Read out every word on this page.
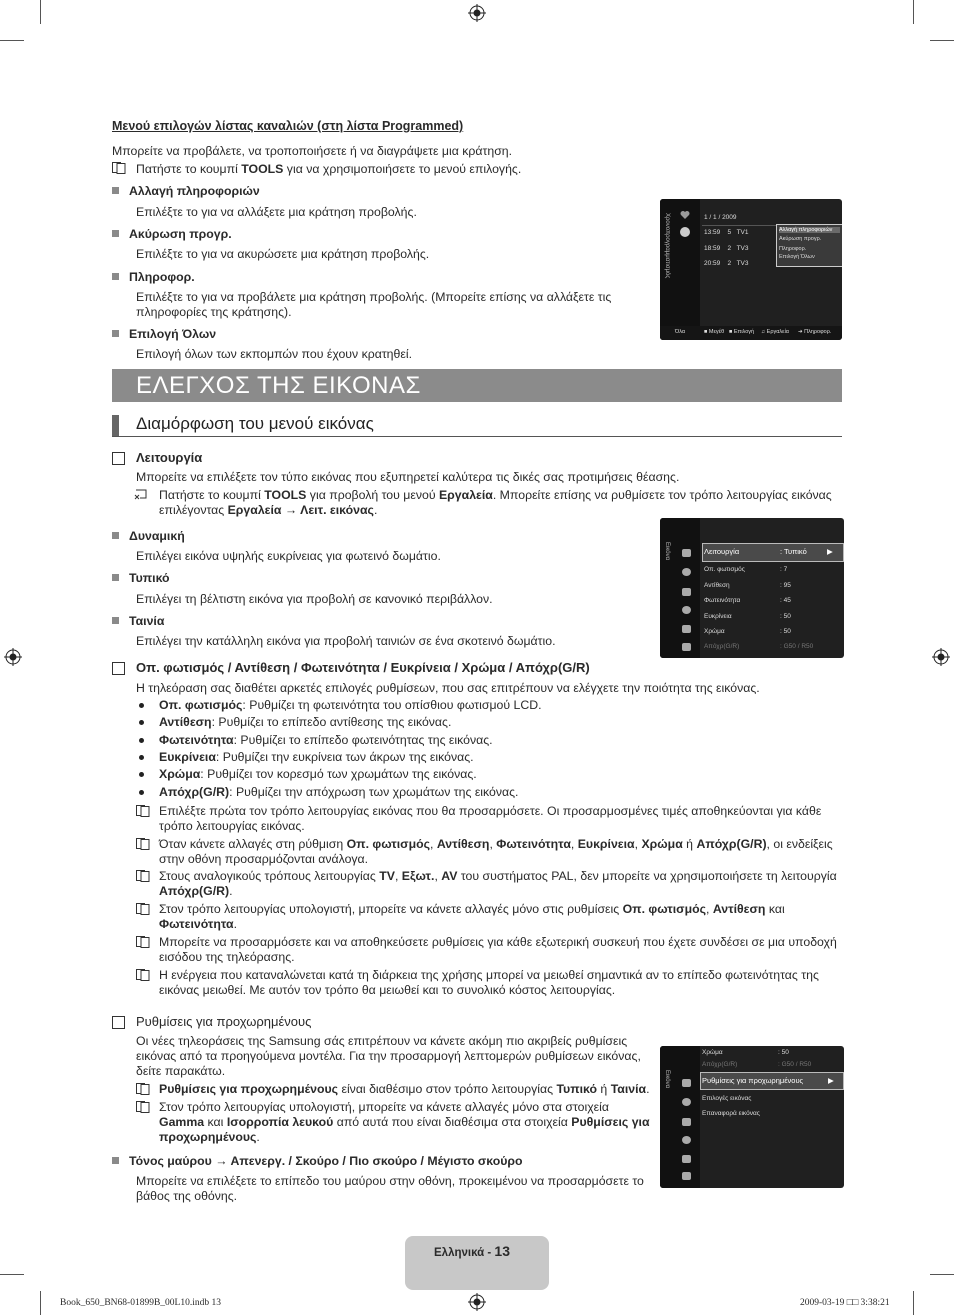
Μενού επιλογών λίστας καναλιών (στη λίστα Programmed)
Μπορείτε να προβάλετε, να τροποποιήσετε ή να διαγράψετε μια κράτηση.
Πατήστε το κουμπί TOOLS για να χρησιμοποιήσετε το μενού επιλογής.
Αλλαγή πληροφοριών
Επιλέξτε το για να αλλάξετε μια κράτηση προβολής.
Ακύρωση προγρ.
Επιλέξτε το για να ακυρώσετε μια κράτηση προβολής.
Πληροφορ.
Επιλέξτε το για να προβάλετε μια κράτηση προβολής. (Μπορείτε επίσης να αλλάξετε τις
πληροφορίες της κράτησης).
Επιλογή Όλων
Επιλογή όλων των εκπομπών που έχουν κρατηθεί.
Χρονοπρογραμματισμός	1 / 1 / 2009
13:59 5 TV1
18:59 2 TV3
20:59 2 TV3
Αλλαγή πληροφοριών
Ακύρωση προγρ.
Πληροφορ.
Επιλογή Όλων
Όλα	■ Μεγέθ ■ Επιλογή ♫ Εργαλεία ➜ Πληροφορ.
ΕΛΕΓΧΟΣ ΤΗΣ ΕΙΚΟΝΑΣ
Διαμόρφωση του μενού εικόνας
Λειτουργία
Μπορείτε να επιλέξετε τον τύπο εικόνας που εξυπηρετεί καλύτερα τις δικές σας προτιμήσεις θέασης.
Πατήστε το κουμπί TOOLS για προβολή του μενού Εργαλεία. Μπορείτε επίσης να ρυθμίσετε τον τρόπο λειτουργίας εικόνας
επιλέγοντας Εργαλεία → Λειτ. εικόνας.
Δυναμική
Επιλέγει εικόνα υψηλής ευκρίνειας για φωτεινό δωμάτιο.
Τυπικό
Επιλέγει τη βέλτιστη εικόνα για προβολή σε κανονικό περιβάλλον.
Ταινία
Επιλέγει την κατάλληλη εικόνα για προβολή ταινιών σε ένα σκοτεινό δωμάτιο.
Εικόνα	Λειτουργία	: Τυπικό	▶
Οπ. φωτισμός	: 7
Αντίθεση	: 95
Φωτεινότητα	: 45
Ευκρίνεια	: 50
Χρώμα	: 50
Απόχρ(G/R)	: G50 / R50
Οπ. φωτισμός / Αντίθεση / Φωτεινότητα / Ευκρίνεια / Χρώμα / Απόχρ(G/R)
Η τηλεόραση σας διαθέτει αρκετές επιλογές ρυθμίσεων, που σας επιτρέπουν να ελέγχετε την ποιότητα της εικόνας.
Οπ. φωτισμός: Ρυθμίζει τη φωτεινότητα του οπίσθιου φωτισμού LCD.
Αντίθεση: Ρυθμίζει το επίπεδο αντίθεσης της εικόνας.
Φωτεινότητα: Ρυθμίζει το επίπεδο φωτεινότητας της εικόνας.
Ευκρίνεια: Ρυθμίζει την ευκρίνεια των άκρων της εικόνας.
Χρώμα: Ρυθμίζει τον κορεσμό των χρωμάτων της εικόνας.
Απόχρ(G/R): Ρυθμίζει την απόχρωση των χρωμάτων της εικόνας.
Επιλέξτε πρώτα τον τρόπο λειτουργίας εικόνας που θα προσαρμόσετε. Οι προσαρμοσμένες τιμές αποθηκεύονται για κάθε
τρόπο λειτουργίας εικόνας.
Όταν κάνετε αλλαγές στη ρύθμιση Οπ. φωτισμός, Αντίθεση, Φωτεινότητα, Ευκρίνεια, Χρώμα ή Απόχρ(G/R), οι ενδείξεις
στην οθόνη προσαρμόζονται ανάλογα.
Στους αναλογικούς τρόπους λειτουργίας TV, Εξωτ., AV του συστήματος PAL, δεν μπορείτε να χρησιμοποιήσετε τη λειτουργία
Απόχρ(G/R).
Στον τρόπο λειτουργίας υπολογιστή, μπορείτε να κάνετε αλλαγές μόνο στις ρυθμίσεις Οπ. φωτισμός, Αντίθεση και
Φωτεινότητα.
Μπορείτε να προσαρμόσετε και να αποθηκεύσετε ρυθμίσεις για κάθε εξωτερική συσκευή που έχετε συνδέσει σε μια υποδοχή
εισόδου της τηλεόρασης.
Η ενέργεια που καταναλώνεται κατά τη διάρκεια της χρήσης μπορεί να μειωθεί σημαντικά αν το επίπεδο φωτεινότητας της
εικόνας μειωθεί. Με αυτόν τον τρόπο θα μειωθεί και το συνολικό κόστος λειτουργίας.
Ρυθμίσεις για προχωρημένους
Οι νέες τηλεοράσεις της Samsung σάς επιτρέπουν να κάνετε ακόμη πιο ακριβείς ρυθμίσεις
εικόνας από τα προηγούμενα μοντέλα. Για την προσαρμογή λεπτομερών ρυθμίσεων εικόνας,
δείτε παρακάτω.
Ρυθμίσεις για προχωρημένους είναι διαθέσιμο στον τρόπο λειτουργίας Τυπικό ή Ταινία.
Στον τρόπο λειτουργίας υπολογιστή, μπορείτε να κάνετε αλλαγές μόνο στα στοιχεία
Gamma και Ισορροπία λευκού από αυτά που είναι διαθέσιμα στα στοιχεία Ρυθμίσεις για
προχωρημένους.
Τόνος μαύρου → Απενεργ. / Σκούρο / Πιο σκούρο / Μέγιστο σκούρο
Μπορείτε να επιλέξετε το επίπεδο του μαύρου στην οθόνη, προκειμένου να προσαρμόσετε το
βάθος της οθόνης.
Εικόνα
Χρώμα	: 50
Απόχρ(G/R)	: G50 / R50
Ρυθμίσεις για προχωρημένους	▶
Επιλογές εικόνας
Επαναφορά εικόνας
Ελληνικά - 13
Book_650_BN68-01899B_00L10.indb 13	2009-03-19 □□ 3:38:21
